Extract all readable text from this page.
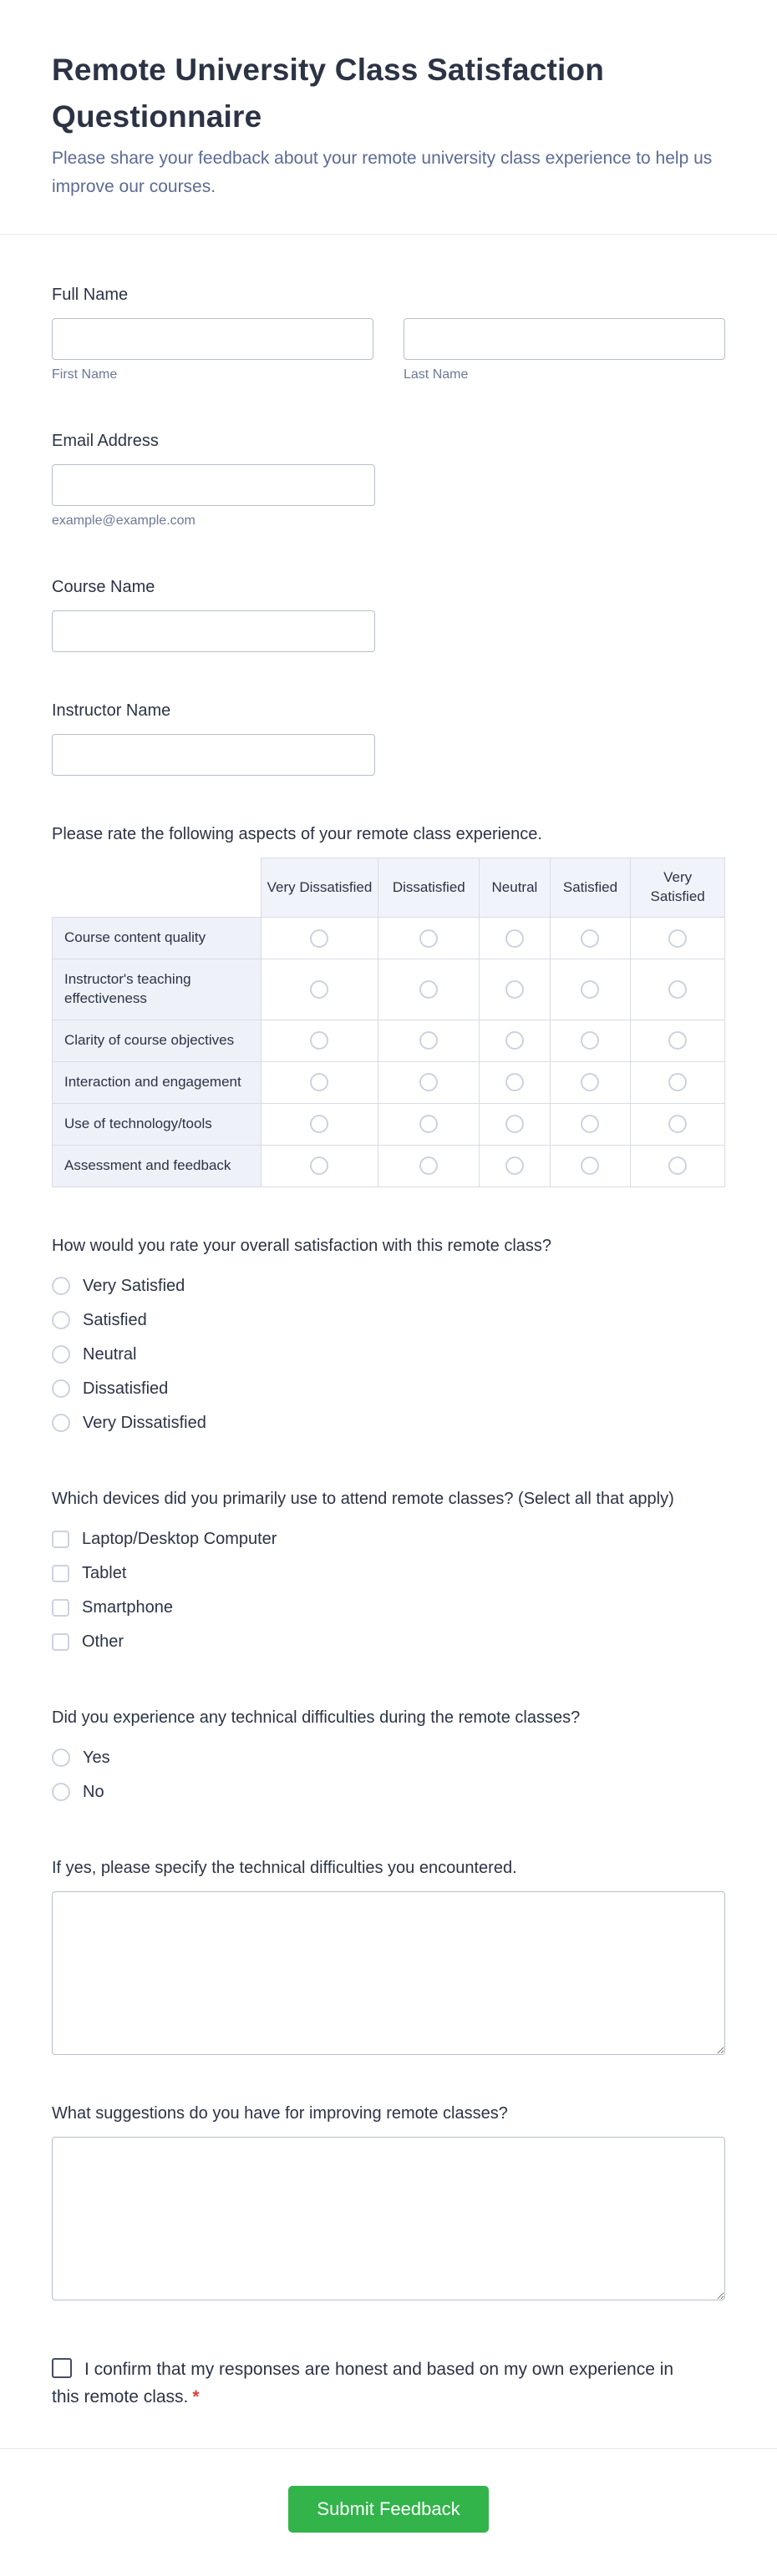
Remote University Class Satisfaction Questionnaire

Please share your feedback about your remote university class experience to help us improve our courses.

Full Name
First Name	Last Name
Email Address
example@example.com
Course Name
Instructor Name
Please rate the following aspects of your remote class experience.
	Very Dissatisfied	Dissatisfied	Neutral	Satisfied	Very Satisfied
Course content quality					
Instructor's teaching effectiveness					
Clarity of course objectives					
Interaction and engagement					
Use of technology/tools					
Assessment and feedback					
How would you rate your overall satisfaction with this remote class?
Very Satisfied
Satisfied
Neutral
Dissatisfied
Very Dissatisfied
Which devices did you primarily use to attend remote classes? (Select all that apply)
Laptop/Desktop Computer
Tablet
Smartphone
Other
Did you experience any technical difficulties during the remote classes?
Yes
No
If yes, please specify the technical difficulties you encountered.
What suggestions do you have for improving remote classes?
I confirm that my responses are honest and based on my own experience in this remote class. *
Submit Feedback
